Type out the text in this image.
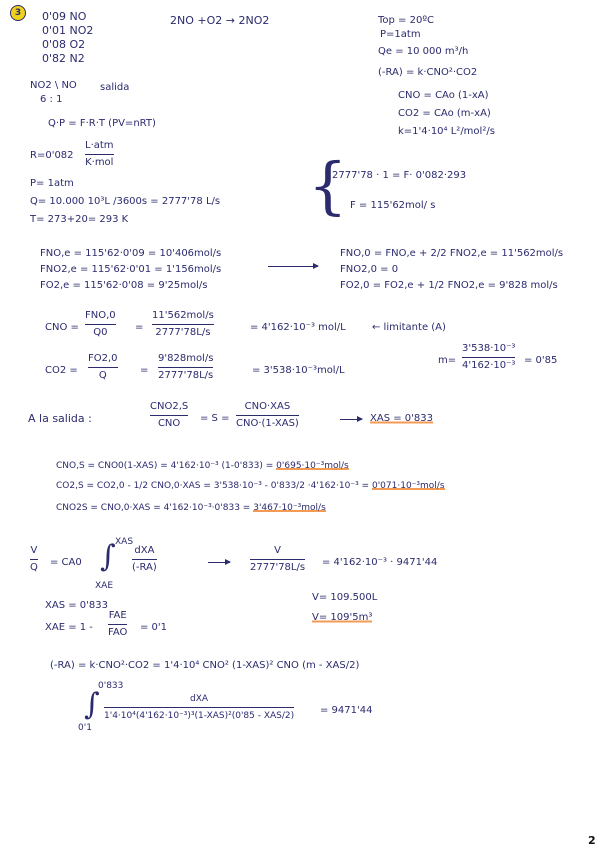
3	0'09 NO
0'01 NO2
0'08 O2
0'82 N2
2NO +O2 → 2NO2	Top = 20ºC
P=1atm
Qe = 10 000 m³/h
(-RA) = k·CNO²·CO2
NO2 \ NO
6 : 1
salida
CNO = CAo (1-xA)
CO2 = CAo (m-xA)
k=1'4·10⁴ L²/mol²/s
Q·P = F·R·T (PV=nRT)
R=0'082
L·atm
K·mol
P= 1atm
Q= 10.000 10³L /3600s = 2777'78 L/s
T= 273+20= 293 K	{
2777'78 · 1 = F· 0'082·293
F = 115'62mol/ s
FNO,e = 115'62·0'09 = 10'406mol/s
FNO2,e = 115'62·0'01 = 1'156mol/s
FO2,e = 115'62·0'08 = 9'25mol/s
FNO,0 = FNO,e + 2/2 FNO2,e = 11'562mol/s
FNO2,0 = 0
FO2,0 = FO2,e + 1/2 FNO2,e = 9'828 mol/s
CNO =
FNO,0
Q0	=
11'562mol/s
2777'78L/s	= 4'162·10⁻³ mol/L	← limitante (A)
CO2 =
FO2,0
Q	=
9'828mol/s
2777'78L/s	= 3'538·10⁻³mol/L
m=
3'538·10⁻³
4'162·10⁻³ = 0'85
A la salida :
CNO2,S
CNO = S =
CNO·XAS
CNO·(1-XAS)	XAS = 0'833
CNO,S = CNO0(1-XAS) = 4'162·10⁻³ (1-0'833) = 0'695·10⁻³mol/s
CO2,S = CO2,0 - 1/2 CNO,0·XAS = 3'538·10⁻³ - 0'833/2 ·4'162·10⁻³ = 0'071·10⁻³mol/s
CNO2S = CNO,0·XAS = 4'162·10⁻³·0'833 = 3'467·10⁻³mol/s
V
Q = CA0
XAS
∫
XAE
dXA
(-RA)
V
2777'78L/s = 4'162·10⁻³ · 9471'44
XAS = 0'833
XAE = 1 -
FAE
FAO = 0'1
V= 109.500L
V= 109'5m³
(-RA) = k·CNO²·CO2 = 1'4·10⁴ CNO² (1-XAS)² CNO (m - XAS/2)
0'833
∫
0'1
dXA
1'4·10⁴(4'162·10⁻³)³(1-XAS)²(0'85 - XAS/2)	= 9471'44
2
